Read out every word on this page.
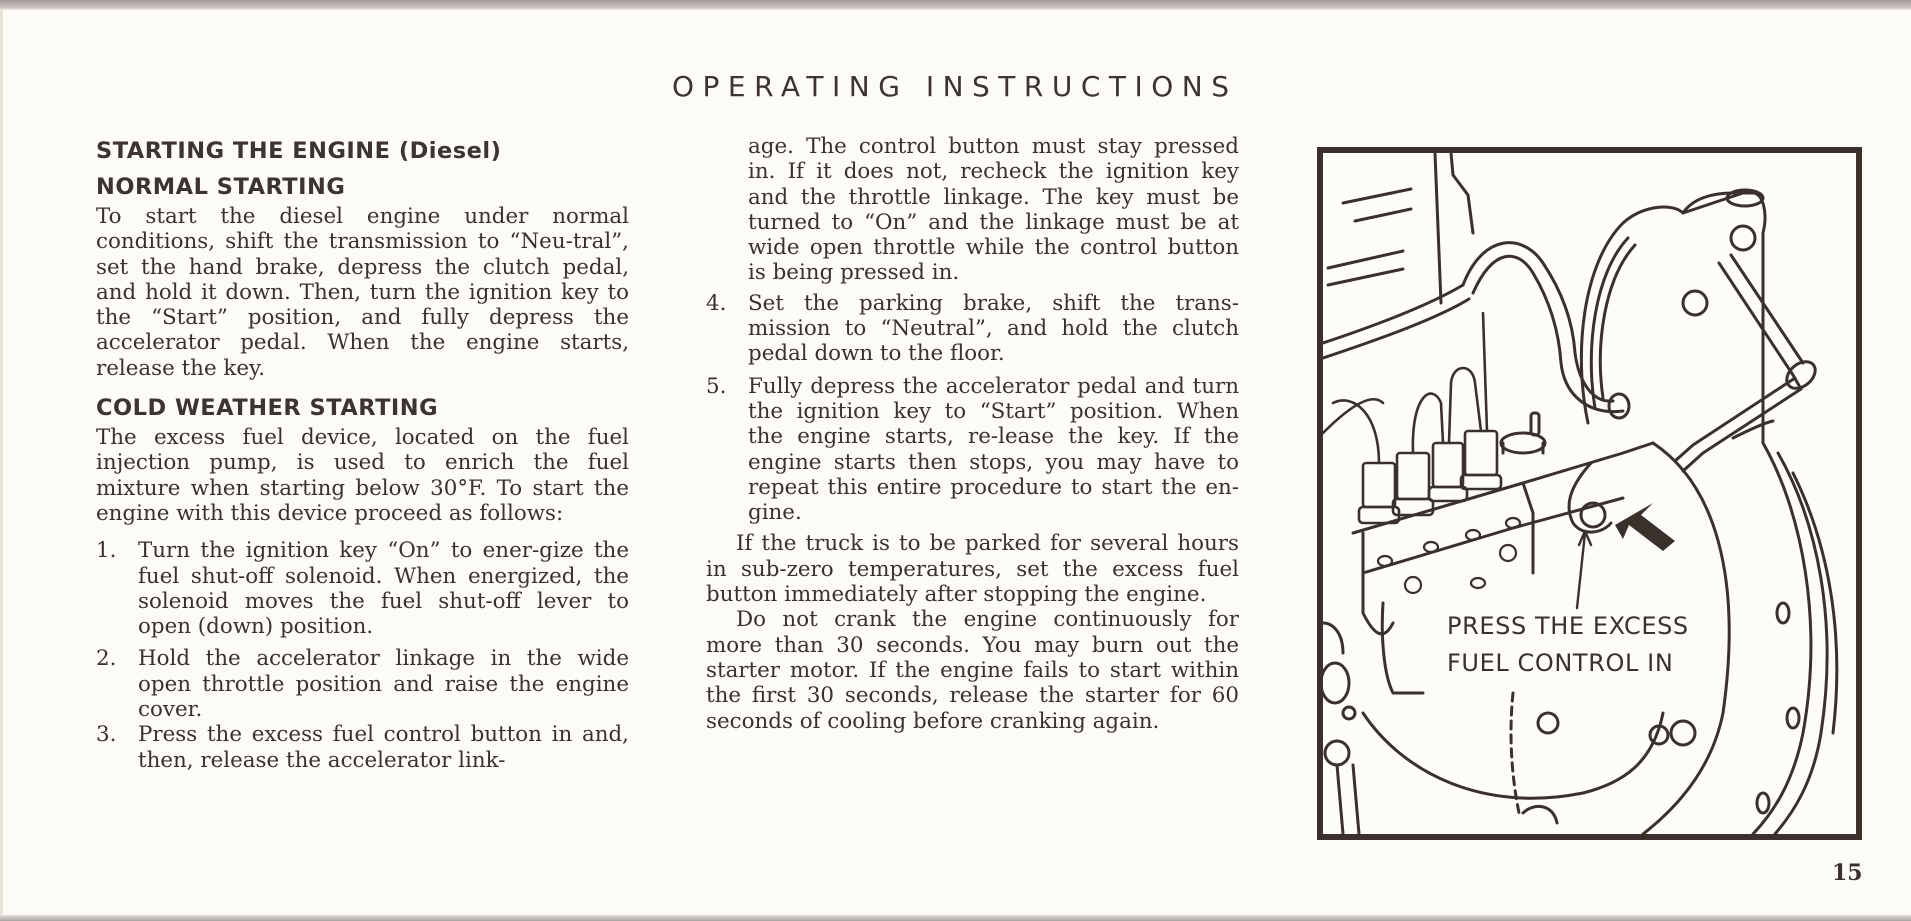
OPERATING INSTRUCTIONS
STARTING THE ENGINE (Diesel)
NORMAL STARTING

To start the diesel engine under normal conditions, shift the transmission to “Neu-tral”, set the hand brake, depress the clutch pedal, and hold it down. Then, turn the ignition key to the “Start” position, and fully depress the accelerator pedal. When the engine starts, release the key.

COLD WEATHER STARTING

The excess fuel device, located on the fuel injection pump, is used to enrich the fuel mixture when starting below 30°F. To start the engine with this device proceed as follows:

1. Turn the ignition key “On” to ener-gize the fuel shut-off solenoid. When energized, the solenoid moves the fuel shut-off lever to open (down) position.
2. Hold the accelerator linkage in the wide open throttle position and raise the engine cover.
3. Press the excess fuel control button in and, then, release the accelerator link-

age. The control button must stay pressed in. If it does not, recheck the ignition key and the throttle linkage. The key must be turned to “On” and the linkage must be at wide open throttle while the control button is being pressed in.

4. Set the parking brake, shift the trans-mission to “Neutral”, and hold the clutch pedal down to the floor.
5. Fully depress the accelerator pedal and turn the ignition key to “Start” position. When the engine starts, re-lease the key. If the engine starts then stops, you may have to repeat this entire procedure to start the en-gine.

If the truck is to be parked for several hours in sub-zero temperatures, set the excess fuel button immediately after stopping the engine.

Do not crank the engine continuously for more than 30 seconds. You may burn out the starter motor. If the engine fails to start within the first 30 seconds, release the starter for 60 seconds of cooling before cranking again.

PRESS THE EXCESS
FUEL CONTROL IN
15
